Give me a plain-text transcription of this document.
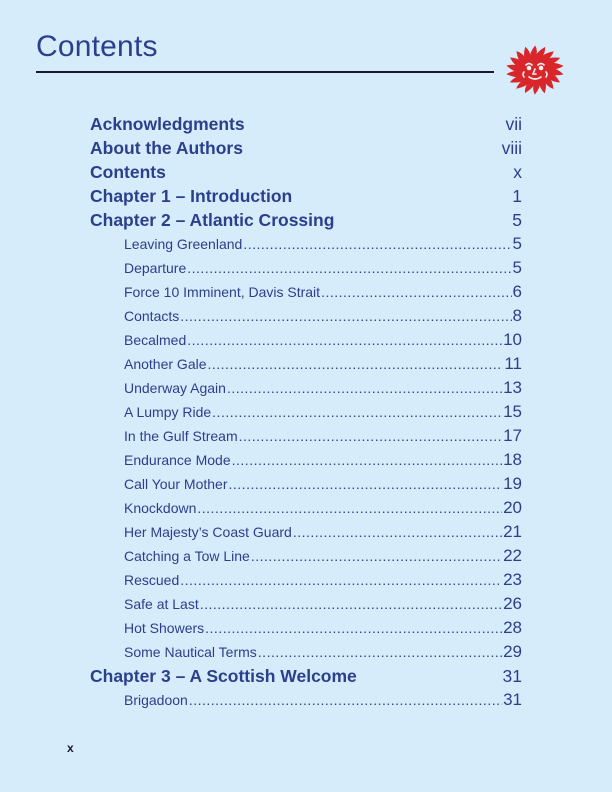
Contents
Acknowledgments	vii
About the Authors	viii
Contents	x
Chapter 1 – Introduction	1
Chapter 2 – Atlantic Crossing	5
Leaving Greenland .....	5
Departure .....	5
Force 10 Imminent, Davis Strait .....	6
Contacts .....	8
Becalmed .....	10
Another Gale .....	11
Underway Again .....	13
A Lumpy Ride .....	15
In the Gulf Stream .....	17
Endurance Mode .....	18
Call Your Mother .....	19
Knockdown .....	20
Her Majesty’s Coast Guard .....	21
Catching a Tow Line .....	22
Rescued .....	23
Safe at Last .....	26
Hot Showers .....	28
Some Nautical Terms .....	29
Chapter 3 – A Scottish Welcome	31
Brigadoon .....	31
x
